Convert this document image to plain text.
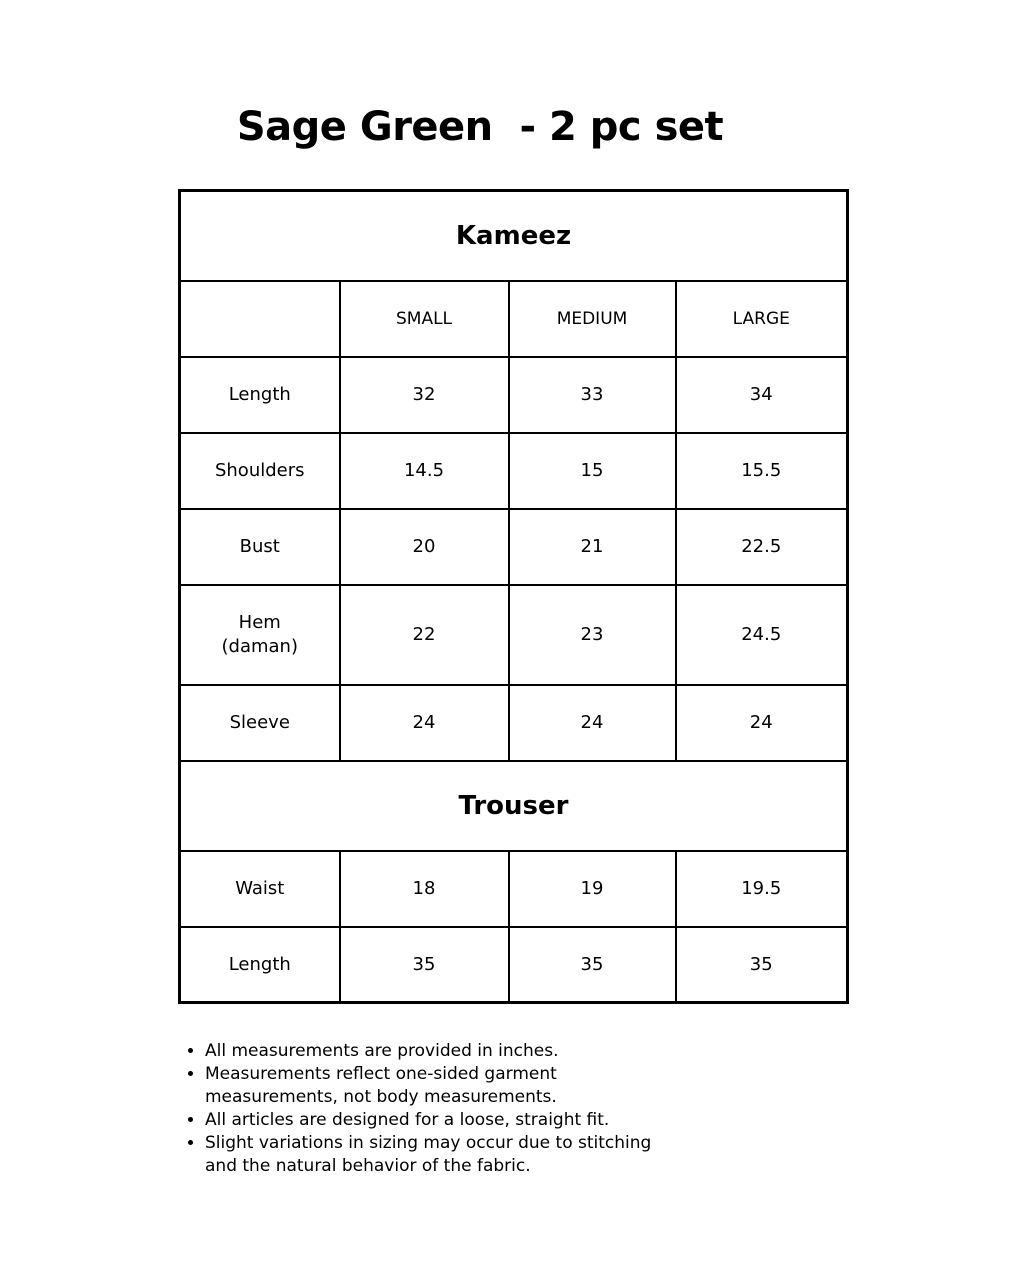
Sage Green  - 2 pc set
Kameez			
	SMALL	MEDIUM	LARGE
Length	32	33	34
Shoulders	14.5	15	15.5
Bust	20	21	22.5
Hem
(daman)	22	23	24.5
Sleeve	24	24	24
Trouser			
Waist	18	19	19.5
Length	35	35	35
• All measurements are provided in inches.
• Measurements reflect one-sided garment measurements, not body measurements.
• All articles are designed for a loose, straight fit.
• Slight variations in sizing may occur due to stitching and the natural behavior of the fabric.
